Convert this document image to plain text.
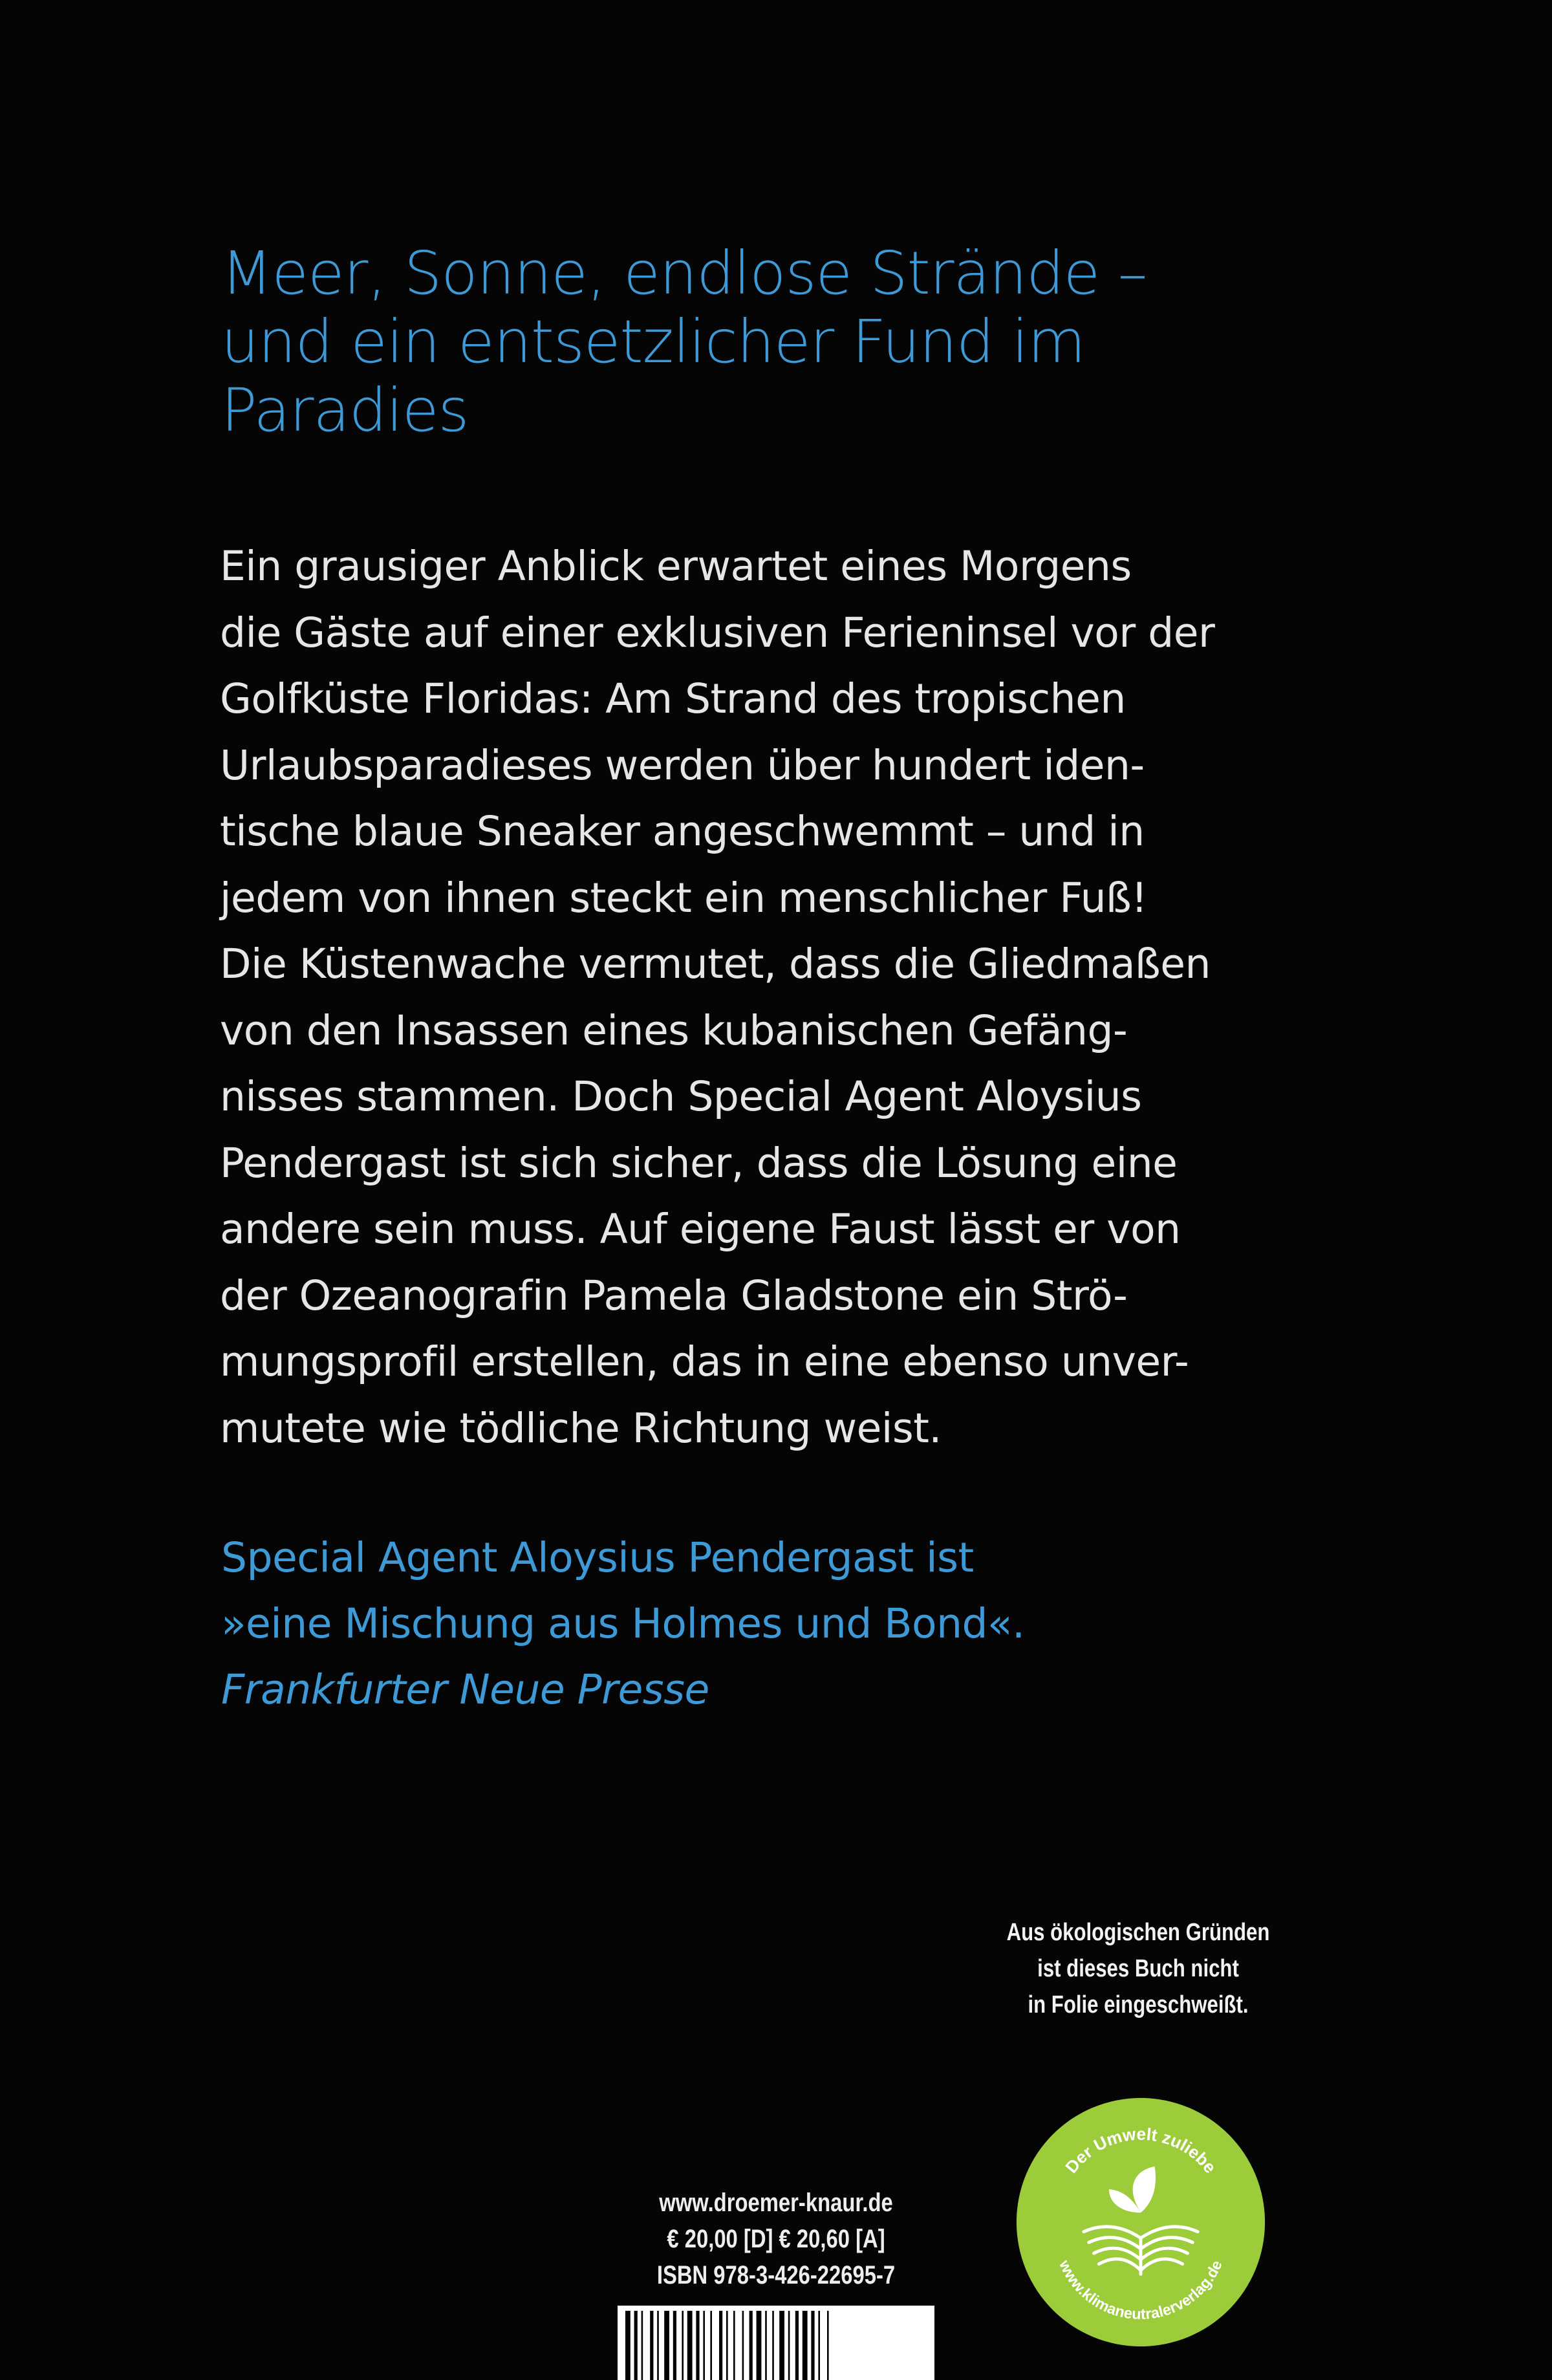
Meer, Sonne, endlose Strände –
und ein entsetzlicher Fund im
Paradies
Ein grausiger Anblick erwartet eines Morgens
die Gäste auf einer exklusiven Ferieninsel vor der
Golfküste Floridas: Am Strand des tropischen
Urlaubsparadieses werden über hundert iden-
tische blaue Sneaker angeschwemmt – und in
jedem von ihnen steckt ein menschlicher Fuß!
Die Küstenwache vermutet, dass die Gliedmaßen
von den Insassen eines kubanischen Gefäng-
nisses stammen. Doch Special Agent Aloysius
Pendergast ist sich sicher, dass die Lösung eine
andere sein muss. Auf eigene Faust lässt er von
der Ozeanografin Pamela Gladstone ein Strö-
mungsprofil erstellen, das in eine ebenso unver-
mutete wie tödliche Richtung weist.
Special Agent Aloysius Pendergast ist
»eine Mischung aus Holmes und Bond«.
Frankfurter Neue Presse
Aus ökologischen Gründen
ist dieses Buch nicht
in Folie eingeschweißt.
Der Umwelt zuliebe
www.klimaneutralerverlag.de
www.droemer-knaur.de
€ 20,00 [D] € 20,60 [A]
ISBN 978-3-426-22695-7
